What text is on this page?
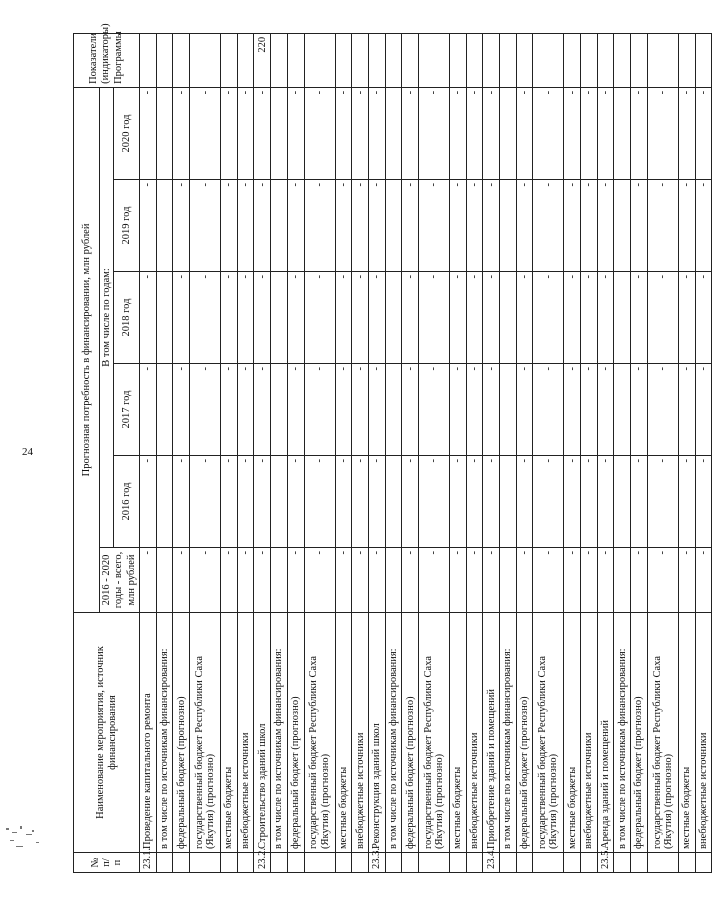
24
№ п/п	Наименование мероприятия, источник финансирования	Прогнозная потребность в финансировании, млн рублей						Показатели (индикаторы) Программы
		2016 - 2020 годы - всего, млн рублей	В том числе по годам:					
			2016 год	2017 год	2018 год	2019 год	2020 год	
23.1.	Проведение капитального ремонта	-	-	-	-	-	-	
	в том числе по источникам финансирования:							
	федеральный бюджет (прогнозно)	-	-	-	-	-	-	
	государственный бюджет Республики Саха (Якутия) (прогнозно)	-	-	-	-	-	-	
	местные бюджеты	-	-	-	-	-	-	
	внебюджетные источники	-	-	-	-	-	-	
23.2.	Строительство зданий школ	-	-	-	-	-	-	220
	в том числе по источникам финансирования:							
	федеральный бюджет (прогнозно)	-	-	-	-	-	-	
	государственный бюджет Республики Саха (Якутия) (прогнозно)	-	-	-	-	-	-	
	местные бюджеты	-	-	-	-	-	-	
	внебюджетные источники	-	-	-	-	-	-	
23.3.	Реконструкция зданий школ	-	-	-	-	-	-	
	в том числе по источникам финансирования:							
	федеральный бюджет (прогнозно)	-	-	-	-	-	-	
	государственный бюджет Республики Саха (Якутия) (прогнозно)	-	-	-	-	-	-	
	местные бюджеты	-	-	-	-	-	-	
	внебюджетные источники	-	-	-	-	-	-	
23.4.	Приобретение зданий и помещений	-	-	-	-	-	-	
	в том числе по источникам финансирования:							
	федеральный бюджет (прогнозно)	-	-	-	-	-	-	
	государственный бюджет Республики Саха (Якутия) (прогнозно)	-	-	-	-	-	-	
	местные бюджеты	-	-	-	-	-	-	
	внебюджетные источники	-	-	-	-	-	-	
23.5.	Аренда зданий и помещений	-	-	-	-	-	-	
	в том числе по источникам финансирования:							
	федеральный бюджет (прогнозно)	-	-	-	-	-	-	
	государственный бюджет Республики Саха (Якутия) (прогнозно)	-	-	-	-	-	-	
	местные бюджеты	-	-	-	-	-	-	
	внебюджетные источники	-	-	-	-	-	-	
